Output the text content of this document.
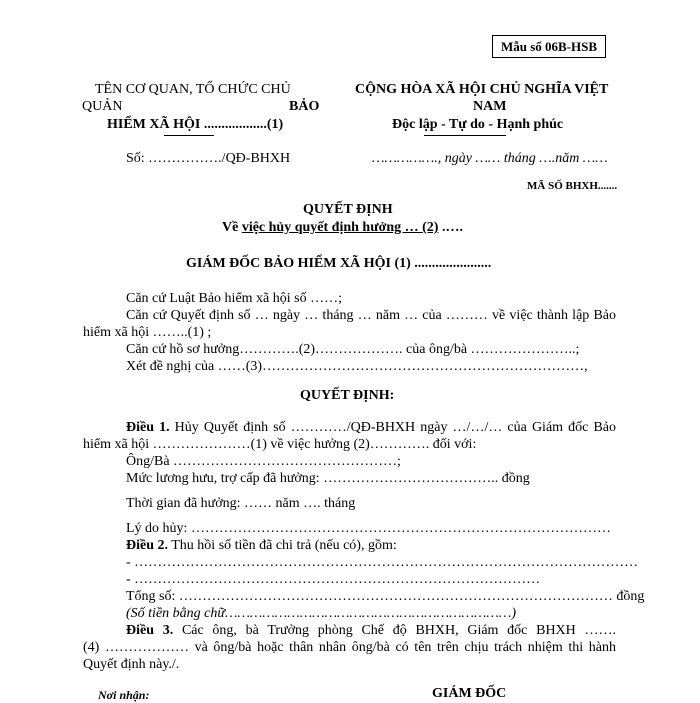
Mẫu số 06B-HSB
TÊN CƠ QUAN, TỔ CHỨC CHỦ
QUẢN	BẢO
HIỂM XÃ HỘI ..................(1)
Số: ……………./QĐ-BHXH
CỘNG HÒA XÃ HỘI CHỦ NGHĨA VIỆT
NAM
Độc lập - Tự do - Hạnh phúc
……………., ngày …… tháng ….năm ……
MÃ SỐ BHXH.......
QUYẾT ĐỊNH
Về việc hủy quyết định hưởng … (2) .….
GIÁM ĐỐC BẢO HIỂM XÃ HỘI (1) ......................
Căn cứ Luật Bảo hiểm xã hội số ……;
Căn cứ Quyết định số … ngày … tháng … năm … của ……… về việc thành lập Bảo
hiểm xã hội ……..(1) ;
Căn cứ hồ sơ hưởng………….(2)………………. của ông/bà …………………..;
Xét đề nghị của ……(3)……………………………………………………………,
QUYẾT ĐỊNH:
Điều 1. Hủy Quyết định số …………/QĐ-BHXH ngày …/…/… của Giám đốc Bảo
hiểm xã hội …………………(1) về việc hưởng (2)…………. đối với:
Ông/Bà …………………………………………;
Mức lương hưu, trợ cấp đã hưởng: ……………………………….. đồng
Thời gian đã hưởng: …… năm …. tháng
Lý do hủy: ………………………………………………………………………………
Điều 2. Thu hồi số tiền đã chi trả (nếu có), gồm:
- ………………………………………………………………………………………………
- ……………………………………………………………………………
Tổng số: ………………………………………………………………………………… đồng
(Số tiền bằng chữ……………………………………………………………)
Điều 3. Các ông, bà Trưởng phòng Chế độ BHXH, Giám đốc BHXH …….
(4) ……………… và ông/bà hoặc thân nhân ông/bà có tên trên chịu trách nhiệm thi hành
Quyết định này./.
Nơi nhận:	GIÁM ĐỐC
